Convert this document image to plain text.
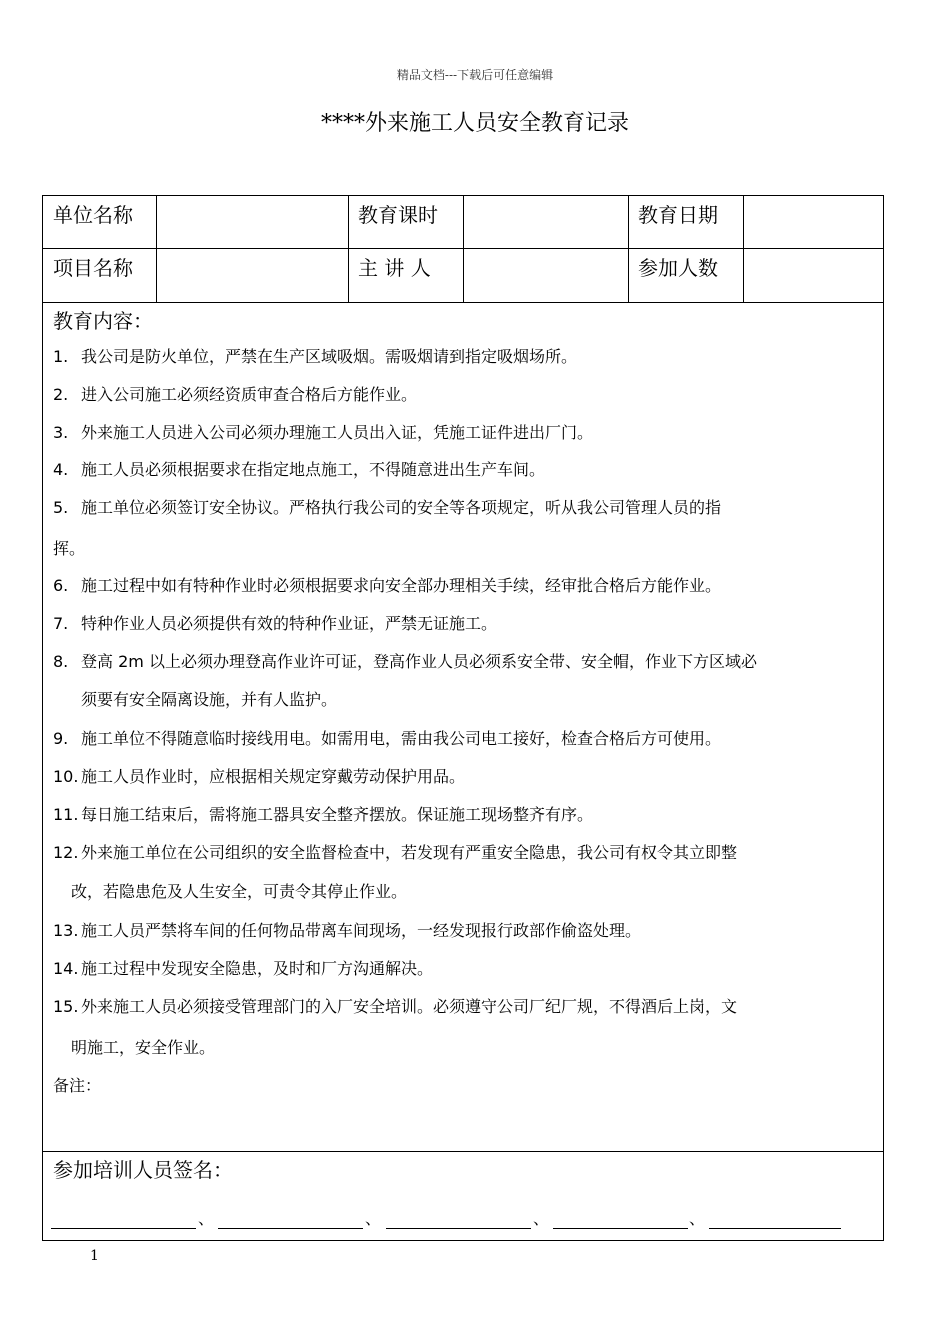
精品文档---下载后可任意编辑
****外来施工人员安全教育记录
单位名称	教育课时	教育日期
项目名称	主 讲 人	参加人数
教育内容：
1. 我公司是防火单位，严禁在生产区域吸烟。需吸烟请到指定吸烟场所。
2. 进入公司施工必须经资质审查合格后方能作业。
3. 外来施工人员进入公司必须办理施工人员出入证，凭施工证件进出厂门。
4. 施工人员必须根据要求在指定地点施工，不得随意进出生产车间。
5. 施工单位必须签订安全协议。严格执行我公司的安全等各项规定，听从我公司管理人员的指
挥。
6. 施工过程中如有特种作业时必须根据要求向安全部办理相关手续，经审批合格后方能作业。
7. 特种作业人员必须提供有效的特种作业证，严禁无证施工。
8. 登高 2m 以上必须办理登高作业许可证，登高作业人员必须系安全带、安全帽，作业下方区域必
须要有安全隔离设施，并有人监护。
9. 施工单位不得随意临时接线用电。如需用电，需由我公司电工接好，检查合格后方可使用。
10. 施工人员作业时，应根据相关规定穿戴劳动保护用品。
11. 每日施工结束后，需将施工器具安全整齐摆放。保证施工现场整齐有序。
12. 外来施工单位在公司组织的安全监督检查中，若发现有严重安全隐患，我公司有权令其立即整
改，若隐患危及人生安全，可责令其停止作业。
13. 施工人员严禁将车间的任何物品带离车间现场，一经发现报行政部作偷盗处理。
14. 施工过程中发现安全隐患，及时和厂方沟通解决。
15. 外来施工人员必须接受管理部门的入厂安全培训。必须遵守公司厂纪厂规，不得酒后上岗，文
明施工，安全作业。
备注：
参加培训人员签名：
、	、	、	、
1
